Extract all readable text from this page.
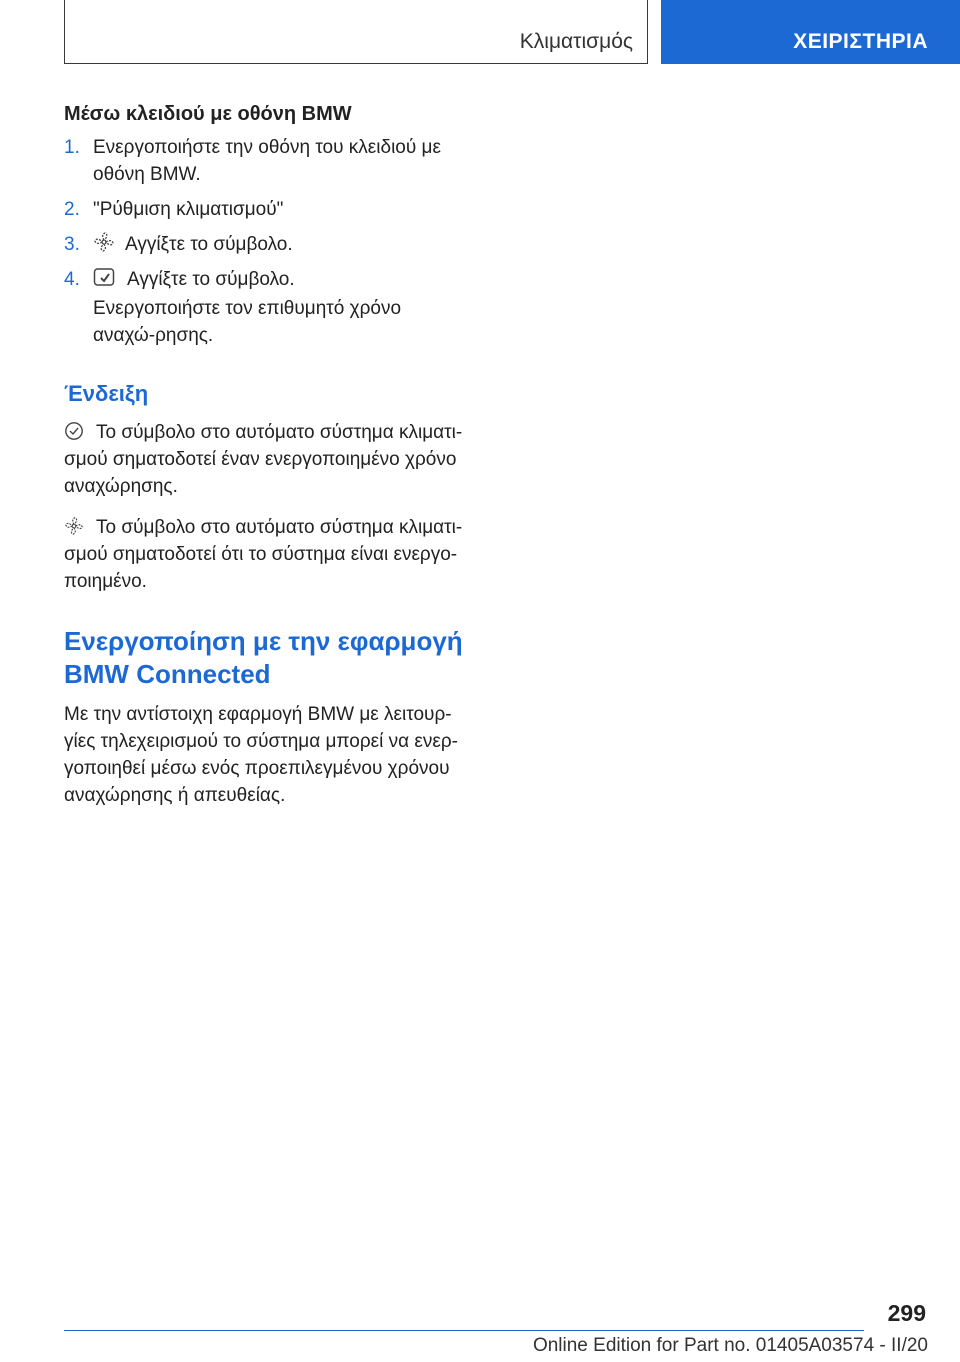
Κλιματισμός	ΧΕΙΡΙΣΤΗΡΙΑ
Μέσω κλειδιού με οθόνη BMW
1. Ενεργοποιήστε την οθόνη του κλειδιού με οθόνη BMW.
2. "Ρύθμιση κλιματισμού"
3. Αγγίξτε το σύμβολο.
4. Αγγίξτε το σύμβολο.
Ενεργοποιήστε τον επιθυμητό χρόνο αναχώ-ρησης.
Ένδειξη

Το σύμβολο στο αυτόματο σύστημα κλιματι-σμού σηματοδοτεί έναν ενεργοποιημένο χρόνο αναχώρησης.

Το σύμβολο στο αυτόματο σύστημα κλιματι-σμού σηματοδοτεί ότι το σύστημα είναι ενεργο-ποιημένο.

Ενεργοποίηση με την εφαρμογή BMW Connected

Με την αντίστοιχη εφαρμογή BMW με λειτουρ-γίες τηλεχειρισμού το σύστημα μπορεί να ενερ-γοποιηθεί μέσω ενός προεπιλεγμένου χρόνου αναχώρησης ή απευθείας.

299
Online Edition for Part no. 01405A03574 - II/20
